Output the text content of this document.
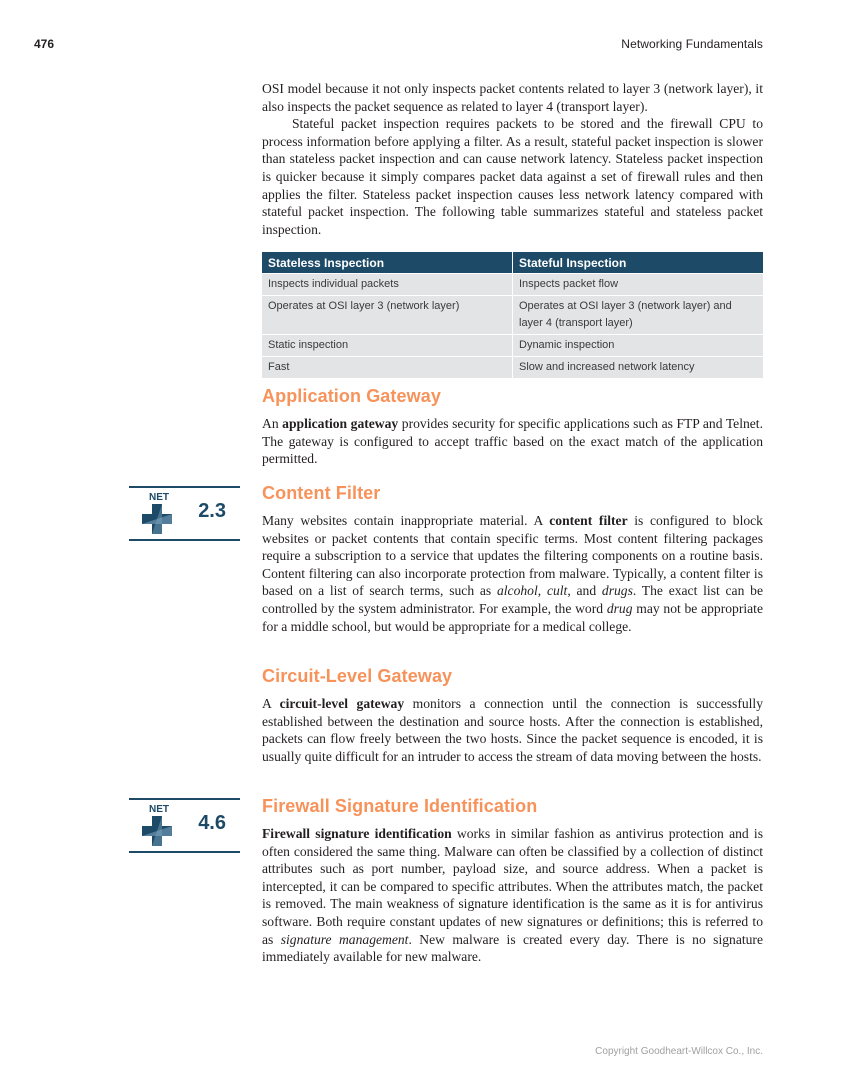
476	Networking Fundamentals

OSI model because it not only inspects packet contents related to layer 3 (network layer), it also inspects the packet sequence as related to layer 4 (transport layer).

Stateful packet inspection requires packets to be stored and the firewall CPU to process information before applying a filter. As a result, stateful packet inspection is slower than stateless packet inspection and can cause network latency. Stateless packet inspection is quicker because it simply compares packet data against a set of firewall rules and then applies the filter. Stateless packet inspection causes less network latency compared with stateful packet inspection. The following table summarizes stateful and stateless packet inspection.

Stateless Inspection	Stateful Inspection
Inspects individual packets	Inspects packet flow
Operates at OSI layer 3 (network layer)	Operates at OSI layer 3 (network layer) and layer 4 (transport layer)
Static inspection	Dynamic inspection
Fast	Slow and increased network latency
Application Gateway

An application gateway provides security for specific applications such as FTP and Telnet. The gateway is configured to accept traffic based on the exact match of the application permitted.

NET
2.3
Content Filter

Many websites contain inappropriate material. A content filter is configured to block websites or packet contents that contain specific terms. Most content filtering packages require a subscription to a service that updates the filtering components on a routine basis. Content filtering can also incorporate protection from malware. Typically, a content filter is based on a list of search terms, such as alcohol, cult, and drugs. The exact list can be controlled by the system administrator. For example, the word drug may not be appropriate for a middle school, but would be appropriate for a medical college.

Circuit-Level Gateway

A circuit-level gateway monitors a connection until the connection is successfully established between the destination and source hosts. After the connection is established, packets can flow freely between the two hosts. Since the packet sequence is encoded, it is usually quite difficult for an intruder to access the stream of data moving between the hosts.

NET
4.6
Firewall Signature Identification

Firewall signature identification works in similar fashion as antivirus protection and is often considered the same thing. Malware can often be classified by a collection of distinct attributes such as port number, payload size, and source address. When a packet is intercepted, it can be compared to specific attributes. When the attributes match, the packet is removed. The main weakness of signature identification is the same as it is for antivirus software. Both require constant updates of new signatures or definitions; this is referred to as signature management. New malware is created every day. There is no signature immediately available for new malware.

Copyright Goodheart-Willcox Co., Inc.
